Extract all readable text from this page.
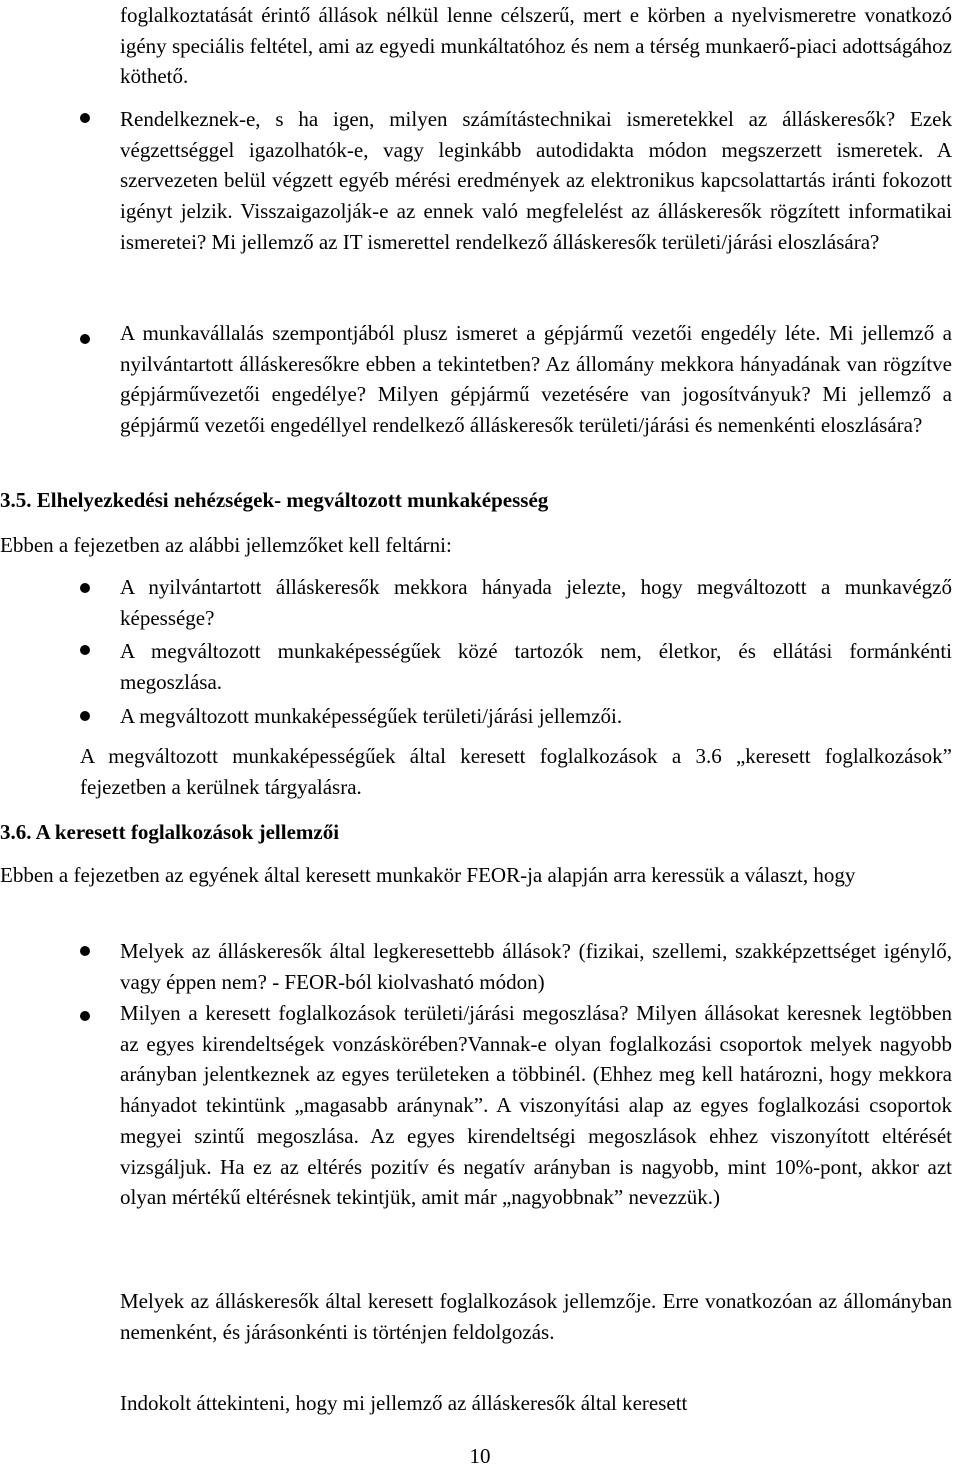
foglalkoztatását érintő állások nélkül lenne célszerű, mert e körben a nyelvismeretre vonatkozó igény speciális feltétel, ami az egyedi munkáltatóhoz és nem a térség munkaerő-piaci adottságához köthető.

Rendelkeznek-e, s ha igen, milyen számítástechnikai ismeretekkel az álláskeresők? Ezek végzettséggel igazolhatók-e, vagy leginkább autodidakta módon megszerzett ismeretek. A szervezeten belül végzett egyéb mérési eredmények az elektronikus kapcsolattartás iránti fokozott igényt jelzik. Visszaigazolják-e az ennek való megfelelést az álláskeresők rögzített informatikai ismeretei? Mi jellemző az IT ismerettel rendelkező álláskeresők területi/járási eloszlására?

A munkavállalás szempontjából plusz ismeret a gépjármű vezetői engedély léte. Mi jellemző a nyilvántartott álláskeresőkre ebben a tekintetben? Az állomány mekkora hányadának van rögzítve gépjárművezetői engedélye? Milyen gépjármű vezetésére van jogosítványuk? Mi jellemző a gépjármű vezetői engedéllyel rendelkező álláskeresők területi/járási és nemenkénti eloszlására?

3.5. Elhelyezkedési nehézségek- megváltozott munkaképesség

Ebben a fejezetben az alábbi jellemzőket kell feltárni:

A nyilvántartott álláskeresők mekkora hányada jelezte, hogy megváltozott a munkavégző képessége?

A megváltozott munkaképességűek közé tartozók nem, életkor, és ellátási formánkénti megoszlása.

A megváltozott munkaképességűek területi/járási jellemzői.

A megváltozott munkaképességűek által keresett foglalkozások a 3.6 „keresett foglalkozások” fejezetben a kerülnek tárgyalásra.

3.6. A keresett foglalkozások jellemzői

Ebben a fejezetben az egyének által keresett munkakör FEOR-ja alapján arra keressük a választ, hogy

Melyek az álláskeresők által legkeresettebb állások? (fizikai, szellemi, szakképzettséget igénylő, vagy éppen nem? - FEOR-ból kiolvasható módon)

Milyen a keresett foglalkozások területi/járási megoszlása? Milyen állásokat keresnek legtöbben az egyes kirendeltségek vonzáskörében?Vannak-e olyan foglalkozási csoportok melyek nagyobb arányban jelentkeznek az egyes területeken a többinél. (Ehhez meg kell határozni, hogy mekkora hányadot tekintünk „magasabb aránynak”. A viszonyítási alap az egyes foglalkozási csoportok megyei szintű megoszlása. Az egyes kirendeltségi megoszlások ehhez viszonyított eltérését vizsgáljuk. Ha ez az eltérés pozitív és negatív arányban is nagyobb, mint 10%-pont, akkor azt olyan mértékű eltérésnek tekintjük, amit már „nagyobbnak” nevezzük.)

Melyek az álláskeresők által keresett foglalkozások jellemzője. Erre vonatkozóan az állományban nemenként, és járásonkénti is történjen feldolgozás.

Indokolt áttekinteni, hogy mi jellemző az álláskeresők által keresett

10
